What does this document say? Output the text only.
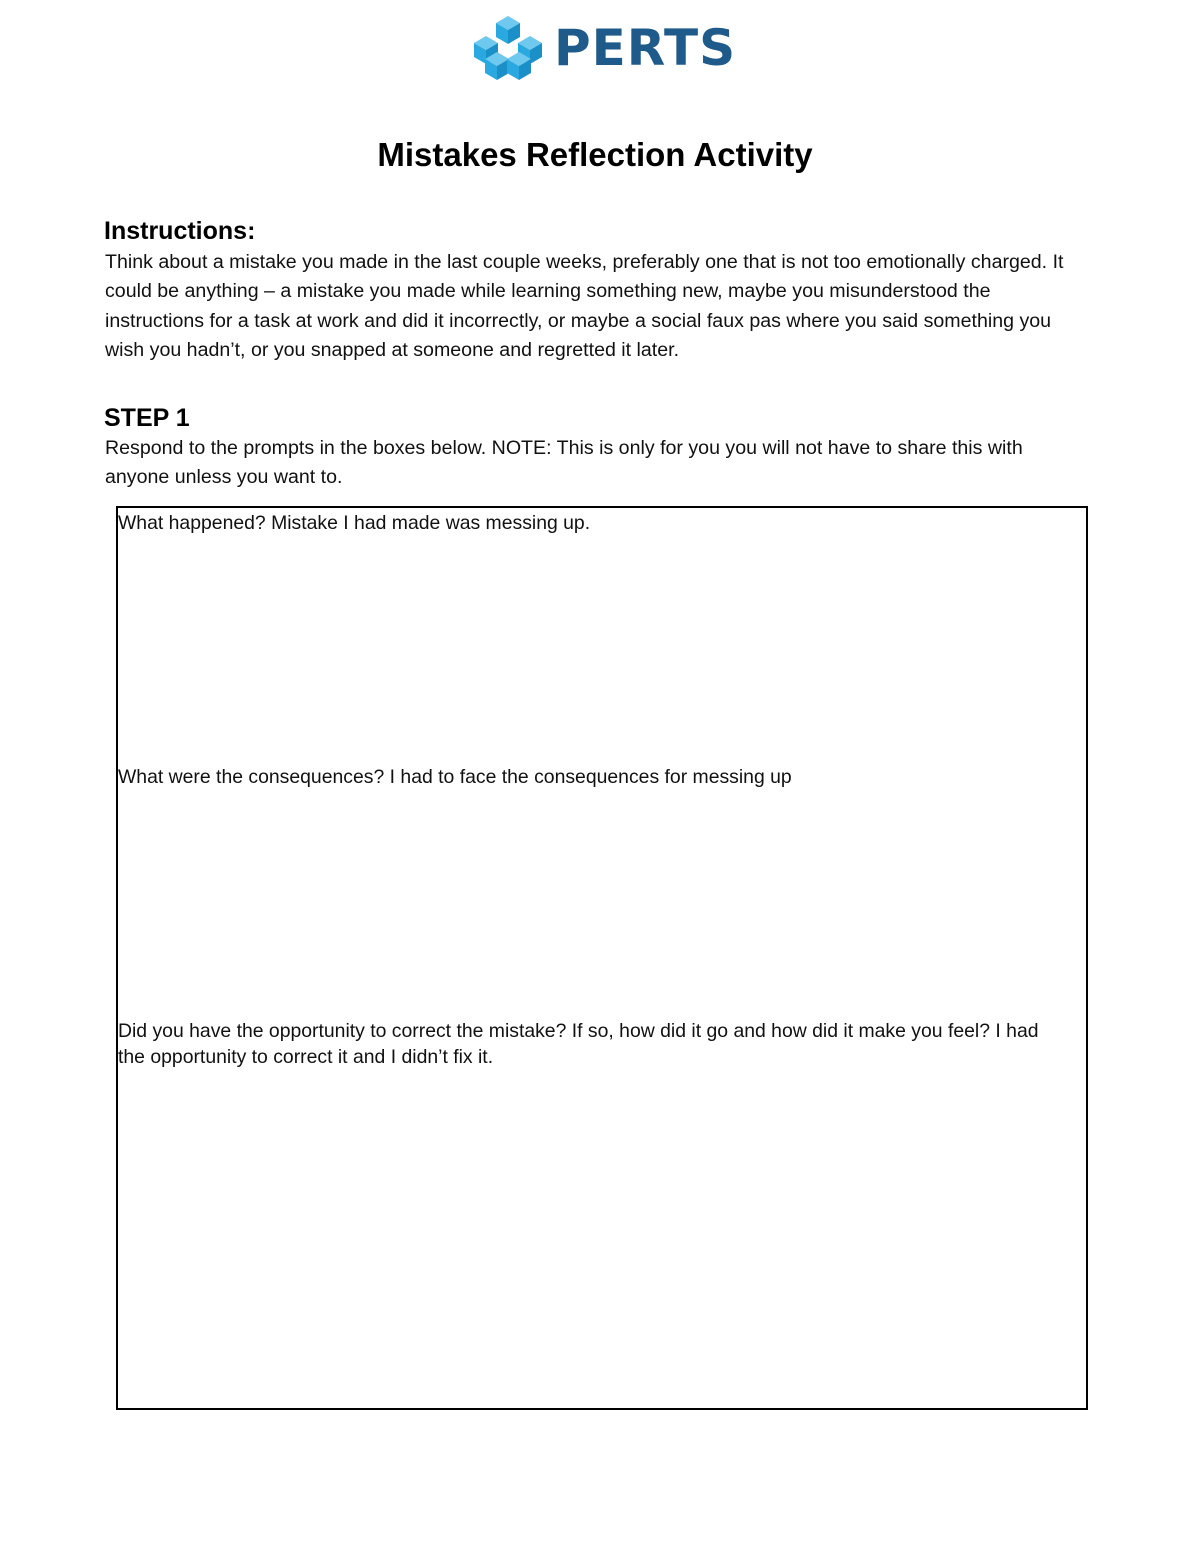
PERTS
Mistakes Reflection Activity
Instructions:

Think about a mistake you made in the last couple weeks, preferably one that is not too emotionally charged. It could be anything – a mistake you made while learning something new, maybe you misunderstood the instructions for a task at work and did it incorrectly, or maybe a social faux pas where you said something you wish you hadn’t, or you snapped at someone and regretted it later.

STEP 1

Respond to the prompts in the boxes below. NOTE: This is only for you you will not have to share this with anyone unless you want to.

What happened? Mistake I had made was messing up.

What were the consequences? I had to face the consequences for messing up

Did you have the opportunity to correct the mistake? If so, how did it go and how did it make you feel? I had the opportunity to correct it and I didn’t fix it.
